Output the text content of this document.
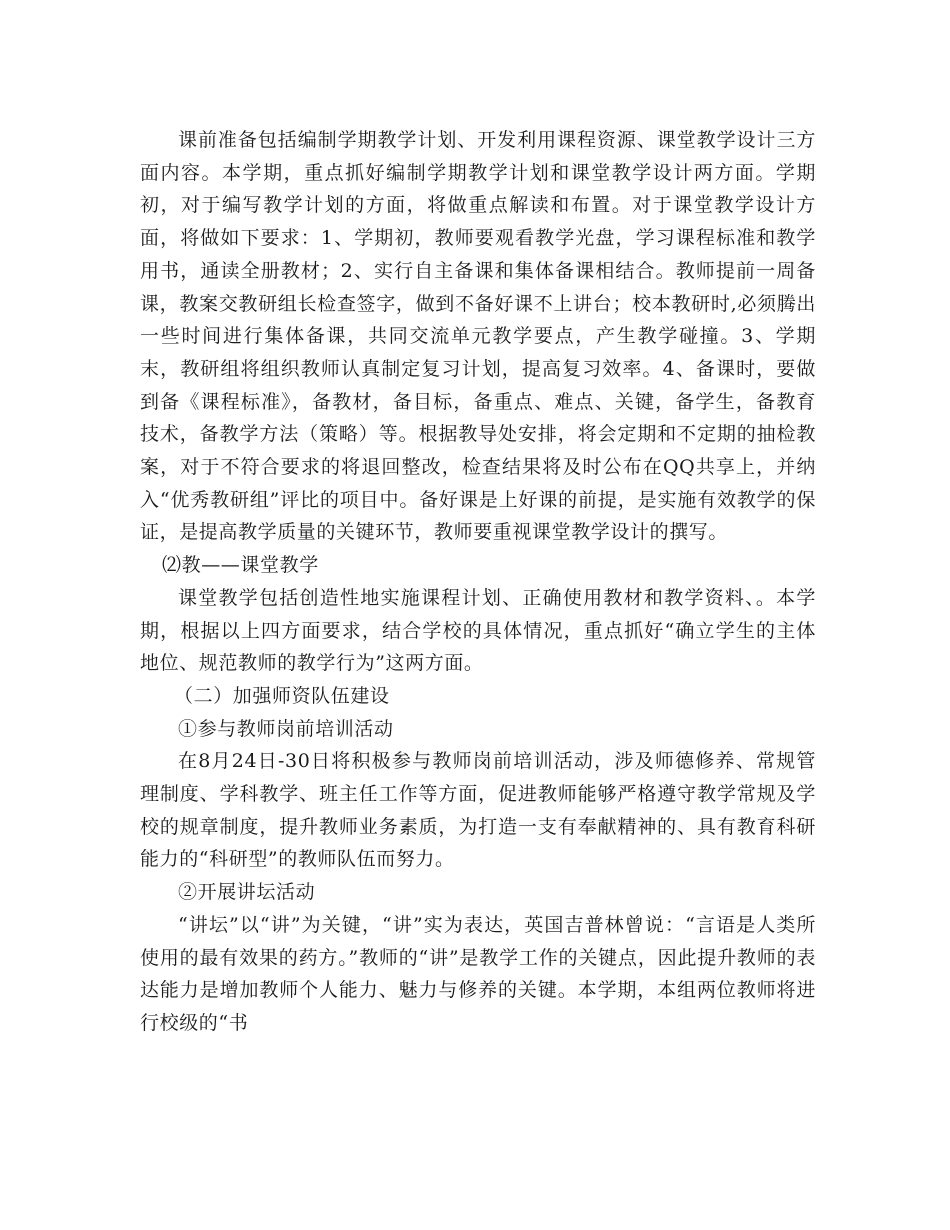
课前准备包括编制学期教学计划、开发利用课程资源、课堂教学设计三方面内容。本学期，重点抓好编制学期教学计划和课堂教学设计两方面。学期初，对于编写教学计划的方面，将做重点解读和布置。对于课堂教学设计方面，将做如下要求：1、学期初，教师要观看教学光盘，学习课程标准和教学用书，通读全册教材；2、实行自主备课和集体备课相结合。教师提前一周备课，教案交教研组长检查签字，做到不备好课不上讲台；校本教研时,必须腾出一些时间进行集体备课，共同交流单元教学要点，产生教学碰撞。3、学期末，教研组将组织教师认真制定复习计划，提高复习效率。4、备课时，要做到备《课程标准》，备教材，备目标，备重点、难点、关键，备学生，备教育技术，备教学方法（策略）等。根据教导处安排，将会定期和不定期的抽检教案，对于不符合要求的将退回整改，检查结果将及时公布在QQ共享上，并纳入“优秀教研组”评比的项目中。备好课是上好课的前提，是实施有效教学的保证，是提高教学质量的关键环节，教师要重视课堂教学设计的撰写。

⑵教——课堂教学

课堂教学包括创造性地实施课程计划、正确使用教材和教学资料、。本学期，根据以上四方面要求，结合学校的具体情况，重点抓好“确立学生的主体地位、规范教师的教学行为”这两方面。

（二）加强师资队伍建设

①参与教师岗前培训活动

在8月24日-30日将积极参与教师岗前培训活动，涉及师德修养、常规管理制度、学科教学、班主任工作等方面，促进教师能够严格遵守教学常规及学校的规章制度，提升教师业务素质，为打造一支有奉献精神的、具有教育科研能力的“科研型”的教师队伍而努力。

②开展讲坛活动

“讲坛”以“讲”为关键，“讲”实为表达，英国吉普林曾说：“言语是人类所使用的最有效果的药方。”教师的“讲”是教学工作的关键点，因此提升教师的表达能力是增加教师个人能力、魅力与修养的关键。本学期，本组两位教师将进行校级的“书
